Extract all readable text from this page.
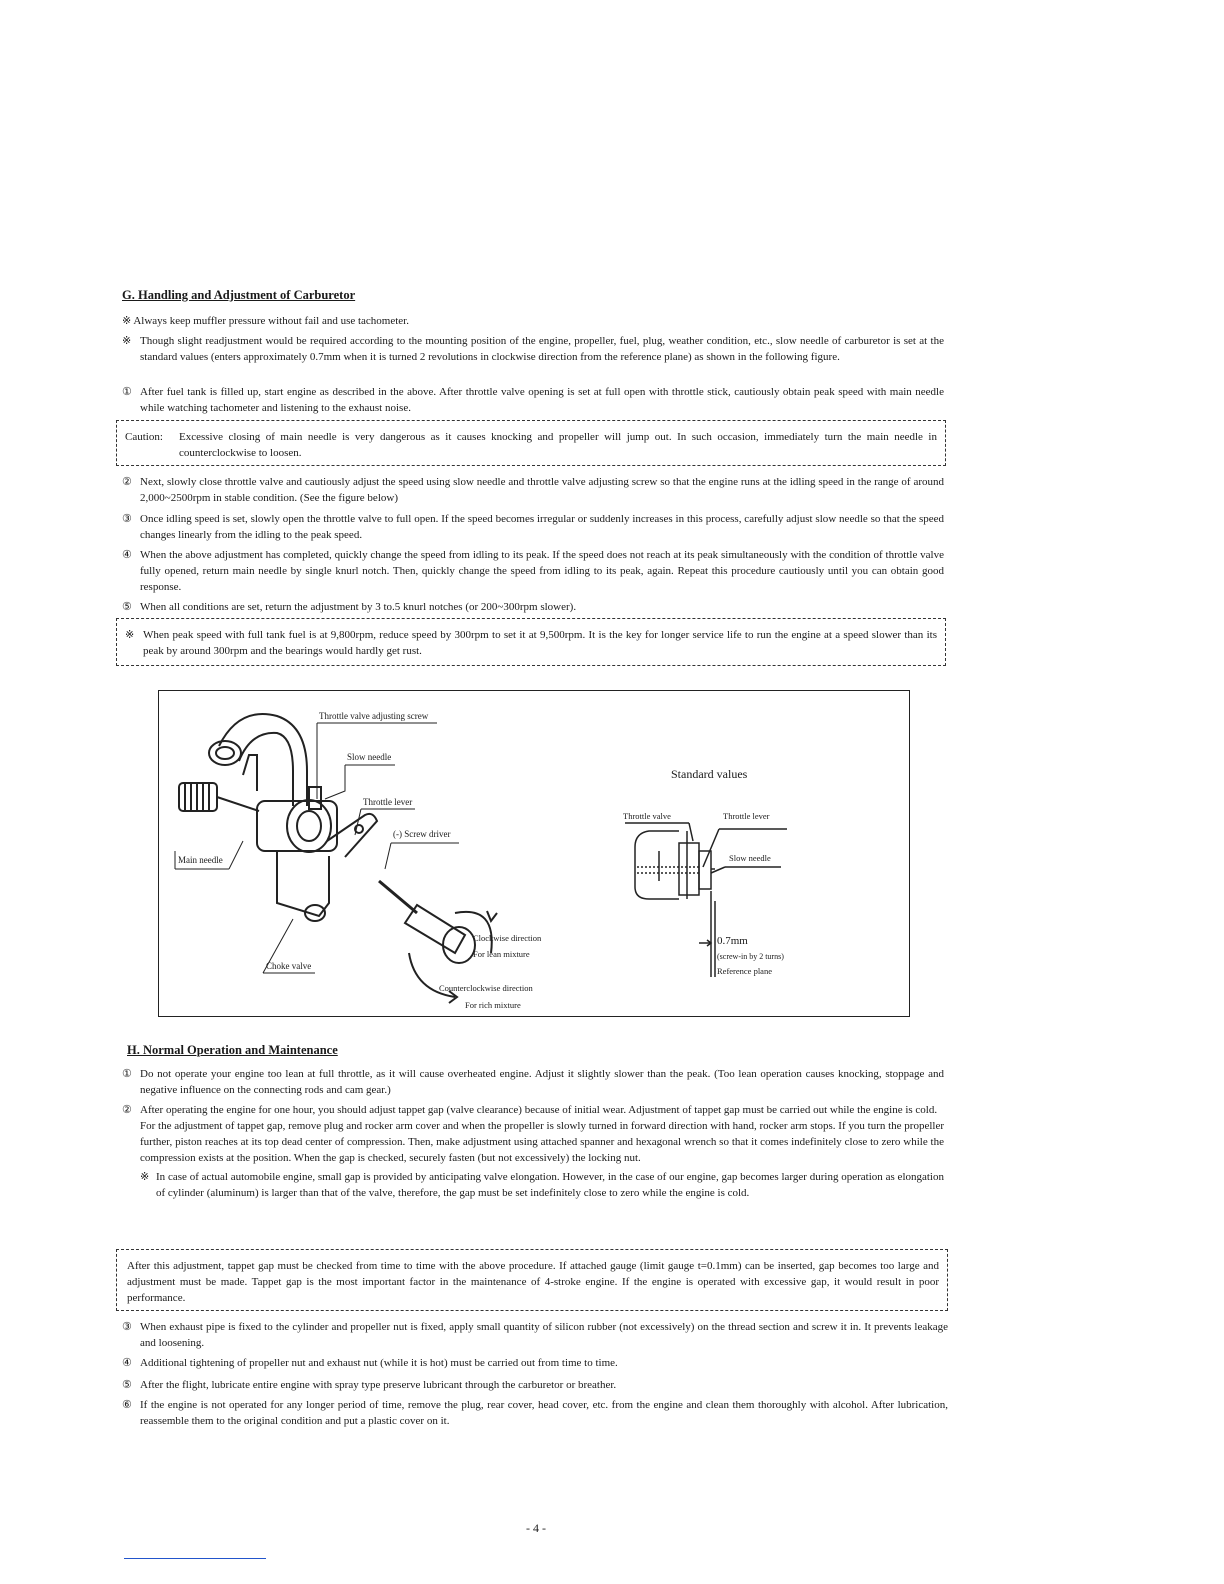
G. Handling and Adjustment of Carburetor
※ Always keep muffler pressure without fail and use tachometer.
※ Though slight readjustment would be required according to the mounting position of the engine, propeller, fuel, plug, weather condition, etc., slow needle of carburetor is set at the standard values (enters approximately 0.7mm when it is turned 2 revolutions in clockwise direction from the reference plane) as shown in the following figure.
① After fuel tank is filled up, start engine as described in the above. After throttle valve opening is set at full open with throttle stick, cautiously obtain peak speed with main needle while watching tachometer and listening to the exhaust noise.
Caution:	Excessive closing of main needle is very dangerous as it causes knocking and propeller will jump out. In such occasion, immediately turn the main needle in counterclockwise to loosen.
② Next, slowly close throttle valve and cautiously adjust the speed using slow needle and throttle valve adjusting screw so that the engine runs at the idling speed in the range of around 2,000~2500rpm in stable condition. (See the figure below)
③ Once idling speed is set, slowly open the throttle valve to full open. If the speed becomes irregular or suddenly increases in this process, carefully adjust slow needle so that the speed changes linearly from the idling to the peak speed.
④ When the above adjustment has completed, quickly change the speed from idling to its peak. If the speed does not reach at its peak simultaneously with the condition of throttle valve fully opened, return main needle by single knurl notch. Then, quickly change the speed from idling to its peak, again. Repeat this procedure cautiously until you can obtain good response.
⑤ When all conditions are set, return the adjustment by 3 to.5 knurl notches (or 200~300rpm slower).
※ When peak speed with full tank fuel is at 9,800rpm, reduce speed by 300rpm to set it at 9,500rpm. It is the key for longer service life to run the engine at a speed slower than its peak by around 300rpm and the bearings would hardly get rust.
Throttle valve adjusting screw
Slow needle
Throttle lever
(-) Screw driver
Main needle
Choke valve
Clockwise direction
For lean mixture
Counterclockwise direction
For rich mixture
Standard values
Throttle valve	Throttle lever
Slow needle
0.7mm
(screw-in by 2 turns)
Reference plane
H. Normal Operation and Maintenance
① Do not operate your engine too lean at full throttle, as it will cause overheated engine. Adjust it slightly slower than the peak. (Too lean operation causes knocking, stoppage and negative influence on the connecting rods and cam gear.)
② After operating the engine for one hour, you should adjust tappet gap (valve clearance) because of initial wear. Adjustment of tappet gap must be carried out while the engine is cold.
For the adjustment of tappet gap, remove plug and rocker arm cover and when the propeller is slowly turned in forward direction with hand, rocker arm stops. If you turn the propeller further, piston reaches at its top dead center of compression. Then, make adjustment using attached spanner and hexagonal wrench so that it comes indefinitely close to zero while the compression exists at the position. When the gap is checked, securely fasten (but not excessively) the locking nut.
※ In case of actual automobile engine, small gap is provided by anticipating valve elongation. However, in the case of our engine, gap becomes larger during operation as elongation of cylinder (aluminum) is larger than that of the valve, therefore, the gap must be set indefinitely close to zero while the engine is cold.
After this adjustment, tappet gap must be checked from time to time with the above procedure. If attached gauge (limit gauge t=0.1mm) can be inserted, gap becomes too large and adjustment must be made. Tappet gap is the most important factor in the maintenance of 4-stroke engine. If the engine is operated with excessive gap, it would result in poor performance.
③ When exhaust pipe is fixed to the cylinder and propeller nut is fixed, apply small quantity of silicon rubber (not excessively) on the thread section and screw it in. It prevents leakage and loosening.
④ Additional tightening of propeller nut and exhaust nut (while it is hot) must be carried out from time to time.
⑤ After the flight, lubricate entire engine with spray type preserve lubricant through the carburetor or breather.
⑥ If the engine is not operated for any longer period of time, remove the plug, rear cover, head cover, etc. from the engine and clean them thoroughly with alcohol. After lubrication, reassemble them to the original condition and put a plastic cover on it.
- 4 -
